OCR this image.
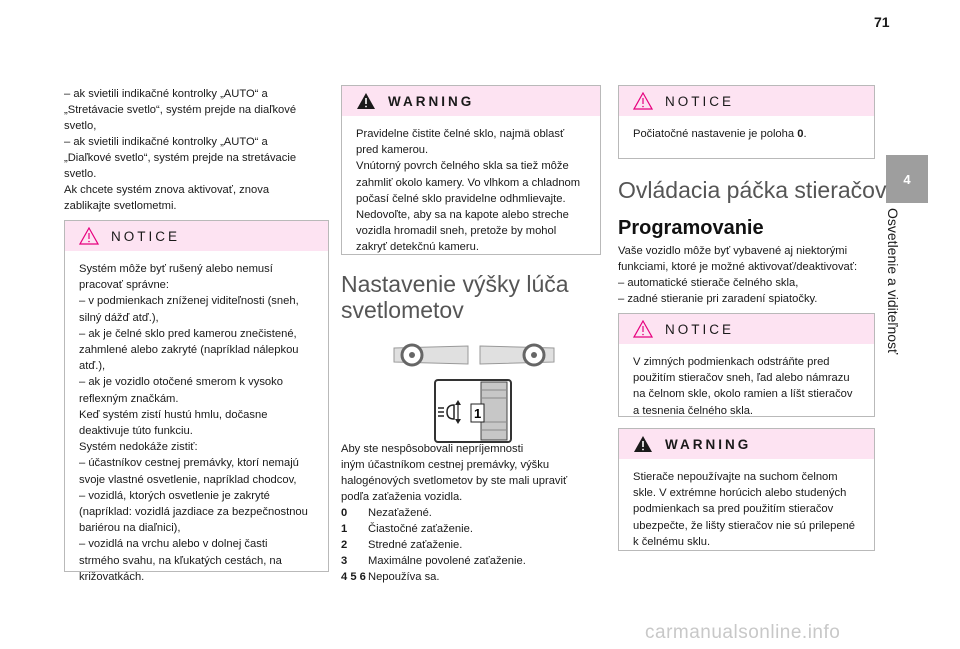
71
4
Osvetlenie a viditeľnosť

– ak svietili indikačné kontrolky „AUTO“ a

„Stretávacie svetlo“, systém prejde na diaľkové

svetlo,

– ak svietili indikačné kontrolky „AUTO“ a

„Diaľkové svetlo“, systém prejde na stretávacie

svetlo.

Ak chcete systém znova aktivovať, znova

zablikajte svetlometmi.

NOTICE

Systém môže byť rušený alebo nemusí

pracovať správne:

– v podmienkach zníženej viditeľnosti (sneh,

silný dážď atď.),

– ak je čelné sklo pred kamerou znečistené,

zahmlené alebo zakryté (napríklad nálepkou

atď.),

– ak je vozidlo otočené smerom k vysoko

reflexným značkám.

Keď systém zistí hustú hmlu, dočasne

deaktivuje túto funkciu.

Systém nedokáže zistiť:

– účastníkov cestnej premávky, ktorí nemajú

svoje vlastné osvetlenie, napríklad chodcov,

– vozidlá, ktorých osvetlenie je zakryté

(napríklad: vozidlá jazdiace za bezpečnostnou

bariérou na diaľnici),

– vozidlá na vrchu alebo v dolnej časti

strmého svahu, na kľukatých cestách, na

križovatkách.

WARNING

Pravidelne čistite čelné sklo, najmä oblasť

pred kamerou.

Vnútorný povrch čelného skla sa tiež môže

zahmliť okolo kamery. Vo vlhkom a chladnom

počasí čelné sklo pravidelne odhmlievajte.

Nedovoľte, aby sa na kapote alebo streche

vozidla hromadil sneh, pretože by mohol

zakryť detekčnú kameru.

Nastavenie výšky lúča
svetlometov
1

Aby ste nespôsobovali nepríjemnosti

iným účastníkom cestnej premávky, výšku

halogénových svetlometov by ste mali upraviť

podľa zaťaženia vozidla.

0	Nezaťažené.
1	Čiastočné zaťaženie.
2	Stredné zaťaženie.
3	Maximálne povolené zaťaženie.
4 5 6 Nepoužíva sa.
NOTICE

Počiatočné nastavenie je poloha 0.

Ovládacia páčka stieračov
Programovanie

Vaše vozidlo môže byť vybavené aj niektorými

funkciami, ktoré je možné aktivovať/deaktivovať:

– automatické stierače čelného skla,

– zadné stieranie pri zaradení spiatočky.

NOTICE

V zimných podmienkach odstráňte pred

použitím stieračov sneh, ľad alebo námrazu

na čelnom skle, okolo ramien a líšt stieračov

a tesnenia čelného skla.

WARNING

Stierače nepoužívajte na suchom čelnom

skle. V extrémne horúcich alebo studených

podmienkach sa pred použitím stieračov

ubezpečte, že lišty stieračov nie sú prilepené

k čelnému sklu.

carmanualsonline.info
